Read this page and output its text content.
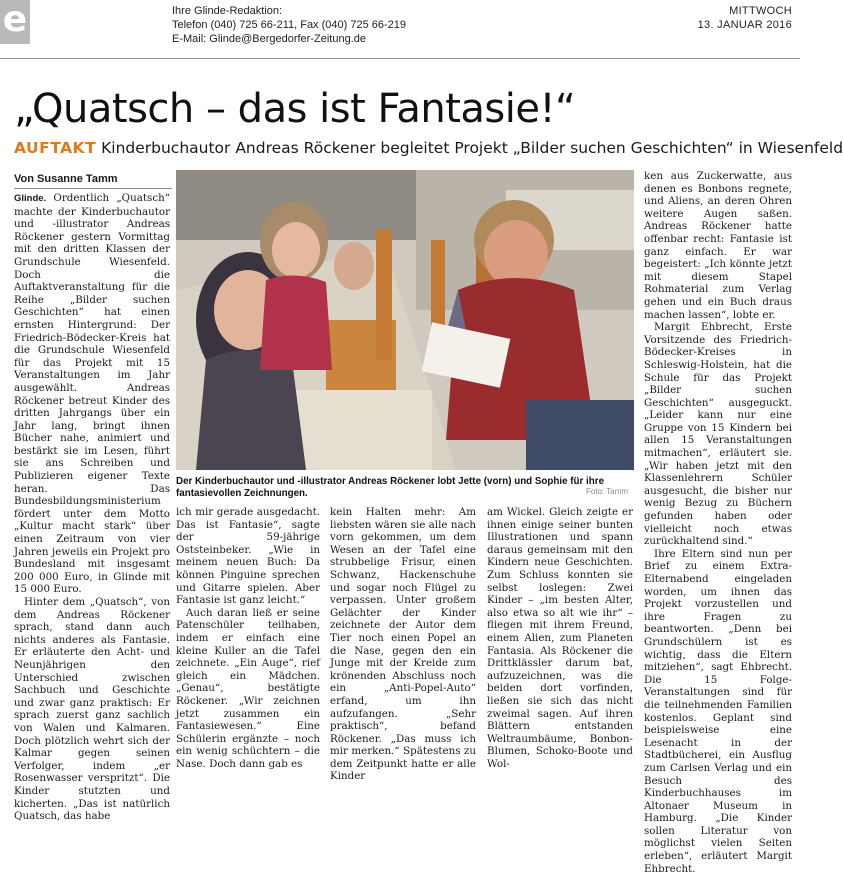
e	Ihre Glinde-Redaktion:
Telefon (040) 725 66-211, Fax (040) 725 66-219
E-Mail: Glinde@Bergedorfer-Zeitung.de
MITTWOCH
13. JANUAR 2016
„Quatsch – das ist Fantasie!“
AUFTAKT Kinderbuchautor Andreas Röckener begleitet Projekt „Bilder suchen Geschichten“ in Wiesenfeld
Von Susanne Tamm

Glinde. Ordentlich „Quatsch“ machte der Kinderbuchautor und -illustrator Andreas Röckener gestern Vormittag mit den dritten Klassen der Grundschule Wiesenfeld. Doch die Auftaktveranstaltung für die Reihe „Bilder suchen Geschichten“ hat einen ernsten Hintergrund: Der Friedrich-Bödecker-Kreis hat die Grundschule Wiesenfeld für das Projekt mit 15 Veranstaltungen im Jahr ausgewählt. Andreas Röckener betreut Kinder des dritten Jahrgangs über ein Jahr lang, bringt ihnen Bücher nahe, animiert und bestärkt sie im Lesen, führt sie ans Schreiben und Publizieren eigener Texte heran. Das Bundesbildungsministerium fördert unter dem Motto „Kultur macht stark“ über einen Zeitraum von vier Jahren jeweils ein Projekt pro Bundesland mit insgesamt 200 000 Euro, in Glinde mit 15 000 Euro.

Hinter dem „Quatsch“, von dem Andreas Röckener sprach, stand dann auch nichts anderes als Fantasie. Er erläuterte den Acht- und Neunjährigen den Unterschied zwischen Sachbuch und Geschichte und zwar ganz praktisch: Er sprach zuerst ganz sachlich von Walen und Kalmaren. Doch plötzlich wehrt sich der Kalmar gegen seinen Verfolger, indem „er Rosenwasser verspritzt“. Die Kinder stutzten und kicherten. „Das ist natürlich Quatsch, das habe

Der Kinderbuchautor und -illustrator Andreas Röckener lobt Jette (vorn) und Sophie für ihre fantasievollen Zeichnungen.	Foto: Tamm

ich mir gerade ausgedacht. Das ist Fantasie“, sagte der 59-jährige Oststeinbeker. „Wie in meinem neuen Buch: Da können Pinguine sprechen und Gitarre spielen. Aber Fantasie ist ganz leicht.“

Auch daran ließ er seine Patenschüler teilhaben, indem er einfach eine kleine Kuller an die Tafel zeichnete. „Ein Auge“, rief gleich ein Mädchen. „Genau“, bestätigte Röckener. „Wir zeichnen jetzt zusammen ein Fantasiewesen.“ Eine Schülerin ergänzte – noch ein wenig schüchtern – die Nase. Doch dann gab es

kein Halten mehr: Am liebsten wären sie alle nach vorn gekommen, um dem Wesen an der Tafel eine strubbelige Frisur, einen Schwanz, Hackenschuhe und sogar noch Flügel zu verpassen. Unter großem Gelächter der Kinder zeichnete der Autor dem Tier noch einen Popel an die Nase, gegen den ein Junge mit der Kreide zum krönenden Abschluss noch ein „Anti-Popel-Auto“ erfand, um ihn aufzufangen. „Sehr praktisch“, befand Röckener. „Das muss ich mir merken.“ Spätestens zu dem Zeitpunkt hatte er alle Kinder

am Wickel. Gleich zeigte er ihnen einige seiner bunten Illustrationen und spann daraus gemeinsam mit den Kindern neue Geschichten. Zum Schluss konnten sie selbst loslegen: Zwei Kinder – „im besten Alter, also etwa so alt wie ihr“ – fliegen mit ihrem Freund, einem Alien, zum Planeten Fantasia. Als Röckener die Drittklässler darum bat, aufzuzeichnen, was die beiden dort vorfinden, ließen sie sich das nicht zweimal sagen. Auf ihren Blättern entstanden Weltraumbäume, Bonbon-Blumen, Schoko-Boote und Wol-

ken aus Zuckerwatte, aus denen es Bonbons regnete, und Aliens, an deren Ohren weitere Augen saßen. Andreas Röckener hatte offenbar recht: Fantasie ist ganz einfach. Er war begeistert: „Ich könnte jetzt mit diesem Stapel Rohmaterial zum Verlag gehen und ein Buch draus machen lassen“, lobte er.

Margit Ehbrecht, Erste Vorsitzende des Friedrich-Bödecker-Kreises in Schleswig-Holstein, hat die Schule für das Projekt „Bilder suchen Geschichten“ ausgeguckt. „Leider kann nur eine Gruppe von 15 Kindern bei allen 15 Veranstaltungen mitmachen“, erläutert sie. „Wir haben jetzt mit den Klassenlehrern Schüler ausgesucht, die bisher nur wenig Bezug zu Büchern gefunden haben oder vielleicht noch etwas zurückhaltend sind.“

Ihre Eltern sind nun per Brief zu einem Extra-Elternabend eingeladen worden, um ihnen das Projekt vorzustellen und ihre Fragen zu beantworten. „Denn bei Grundschülern ist es wichtig, dass die Eltern mitziehen“, sagt Ehbrecht. Die 15 Folge-Veranstaltungen sind für die teilnehmenden Familien kostenlos. Geplant sind beispielsweise eine Lesenacht in der Stadtbücherei, ein Ausflug zum Carlsen Verlag und ein Besuch des Kinderbuchhauses im Altonaer Museum in Hamburg. „Die Kinder sollen Literatur von möglichst vielen Seiten erleben“, erläutert Margit Ehbrecht.
